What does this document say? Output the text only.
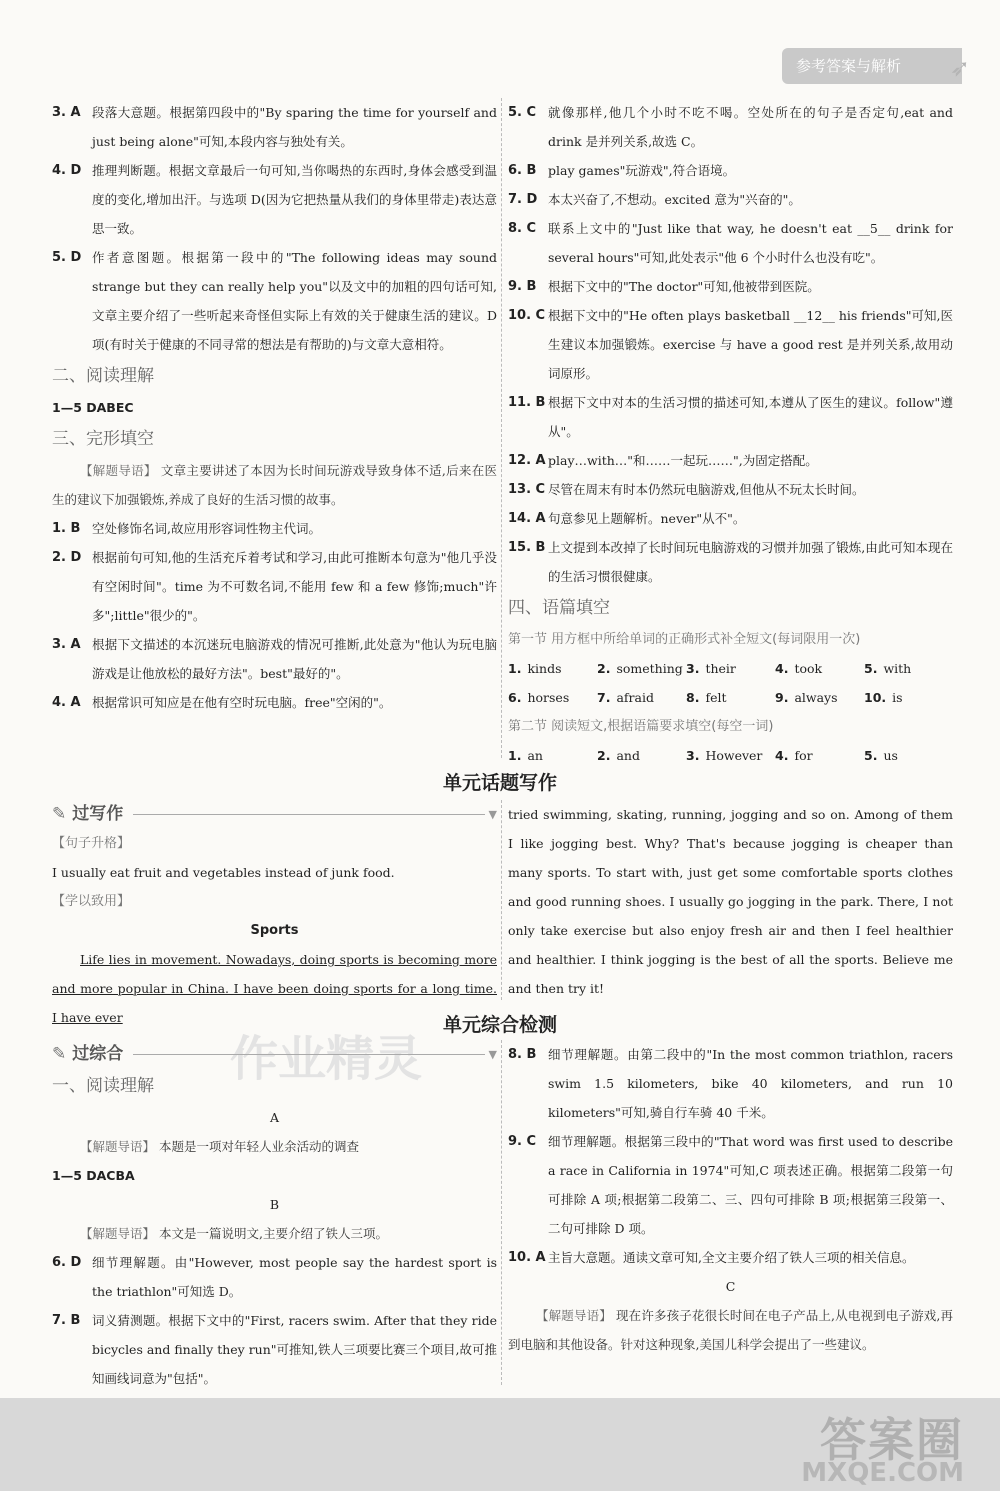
参考答案与解析 ➶
作业精灵
3. A 段落大意题。根据第四段中的"By sparing the time for yourself and just being alone"可知,本段内容与独处有关。
4. D 推理判断题。根据文章最后一句可知,当你喝热的东西时,身体会感受到温度的变化,增加出汗。与选项 D(因为它把热量从我们的身体里带走)表达意思一致。
5. D 作者意图题。根据第一段中的"The following ideas may sound strange but they can really help you"以及文中的加粗的四句话可知,文章主要介绍了一些听起来奇怪但实际上有效的关于健康生活的建议。D项(有时关于健康的不同寻常的想法是有帮助的)与文章大意相符。
二、阅读理解
1—5 DABEC
三、完形填空
【解题导语】 文章主要讲述了本因为长时间玩游戏导致身体不适,后来在医生的建议下加强锻炼,养成了良好的生活习惯的故事。
1. B 空处修饰名词,故应用形容词性物主代词。
2. D 根据前句可知,他的生活充斥着考试和学习,由此可推断本句意为"他几乎没有空闲时间"。time 为不可数名词,不能用 few 和 a few 修饰;much"许多";little"很少的"。
3. A 根据下文描述的本沉迷玩电脑游戏的情况可推断,此处意为"他认为玩电脑游戏是让他放松的最好方法"。best"最好的"。
4. A 根据常识可知应是在他有空时玩电脑。free"空闲的"。
5. C 就像那样,他几个小时不吃不喝。空处所在的句子是否定句,eat and drink 是并列关系,故选 C。
6. B play games"玩游戏",符合语境。
7. D 本太兴奋了,不想动。excited 意为"兴奋的"。
8. C 联系上文中的"Just like that way, he doesn't eat __5__ drink for several hours"可知,此处表示"他 6 个小时什么也没有吃"。
9. B 根据下文中的"The doctor"可知,他被带到医院。
10. C 根据下文中的"He often plays basketball __12__ his friends"可知,医生建议本加强锻炼。exercise 与 have a good rest 是并列关系,故用动词原形。
11. B 根据下文中对本的生活习惯的描述可知,本遵从了医生的建议。follow"遵从"。
12. A play…with…"和……一起玩……",为固定搭配。
13. C 尽管在周末有时本仍然玩电脑游戏,但他从不玩太长时间。
14. A 句意参见上题解析。never"从不"。
15. B 上文提到本改掉了长时间玩电脑游戏的习惯并加强了锻炼,由此可知本现在的生活习惯很健康。
四、语篇填空
第一节 用方框中所给单词的正确形式补全短文(每词限用一次)
1. kinds	2. something 3. their	4. took	5. with
6. horses	7. afraid	8. felt	9. always	10. is
第二节 阅读短文,根据语篇要求填空(每空一词)
1. an	2. and	3. However	4. for	5. us
单元话题写作
✎ 过写作	▼
【句子升格】
I usually eat fruit and vegetables instead of junk food.
【学以致用】
Sports
Life lies in movement. Nowadays, doing sports is becoming more and more popular in China. I have been doing sports for a long time. I have ever
tried swimming, skating, running, jogging and so on. Among of them I like jogging best. Why? That's because jogging is cheaper than many sports. To start with, just get some comfortable sports clothes and good running shoes. I usually go jogging in the park. There, I not only take exercise but also enjoy fresh air and then I feel healthier and healthier. I think jogging is the best of all the sports. Believe me and then try it!
单元综合检测
✎ 过综合	▼
一、阅读理解
A
【解题导语】 本题是一项对年轻人业余活动的调查
1—5 DACBA
B
【解题导语】 本文是一篇说明文,主要介绍了铁人三项。
6. D 细节理解题。由"However, most people say the hardest sport is the triathlon"可知选 D。
7. B 词义猜测题。根据下文中的"First, racers swim. After that they ride bicycles and finally they run"可推知,铁人三项要比赛三个项目,故可推知画线词意为"包括"。
8. B 细节理解题。由第二段中的"In the most common triathlon, racers swim 1.5 kilometers, bike 40 kilometers, and run 10 kilometers"可知,骑自行车骑 40 千米。
9. C 细节理解题。根据第三段中的"That word was first used to describe a race in California in 1974"可知,C 项表述正确。根据第二段第一句可排除 A 项;根据第二段第二、三、四句可排除 B 项;根据第三段第一、二句可排除 D 项。
10. A 主旨大意题。通读文章可知,全文主要介绍了铁人三项的相关信息。
C
【解题导语】 现在许多孩子花很长时间在电子产品上,从电视到电子游戏,再到电脑和其他设备。针对这种现象,美国儿科学会提出了一些建议。
答案圈
MXQE.COM
